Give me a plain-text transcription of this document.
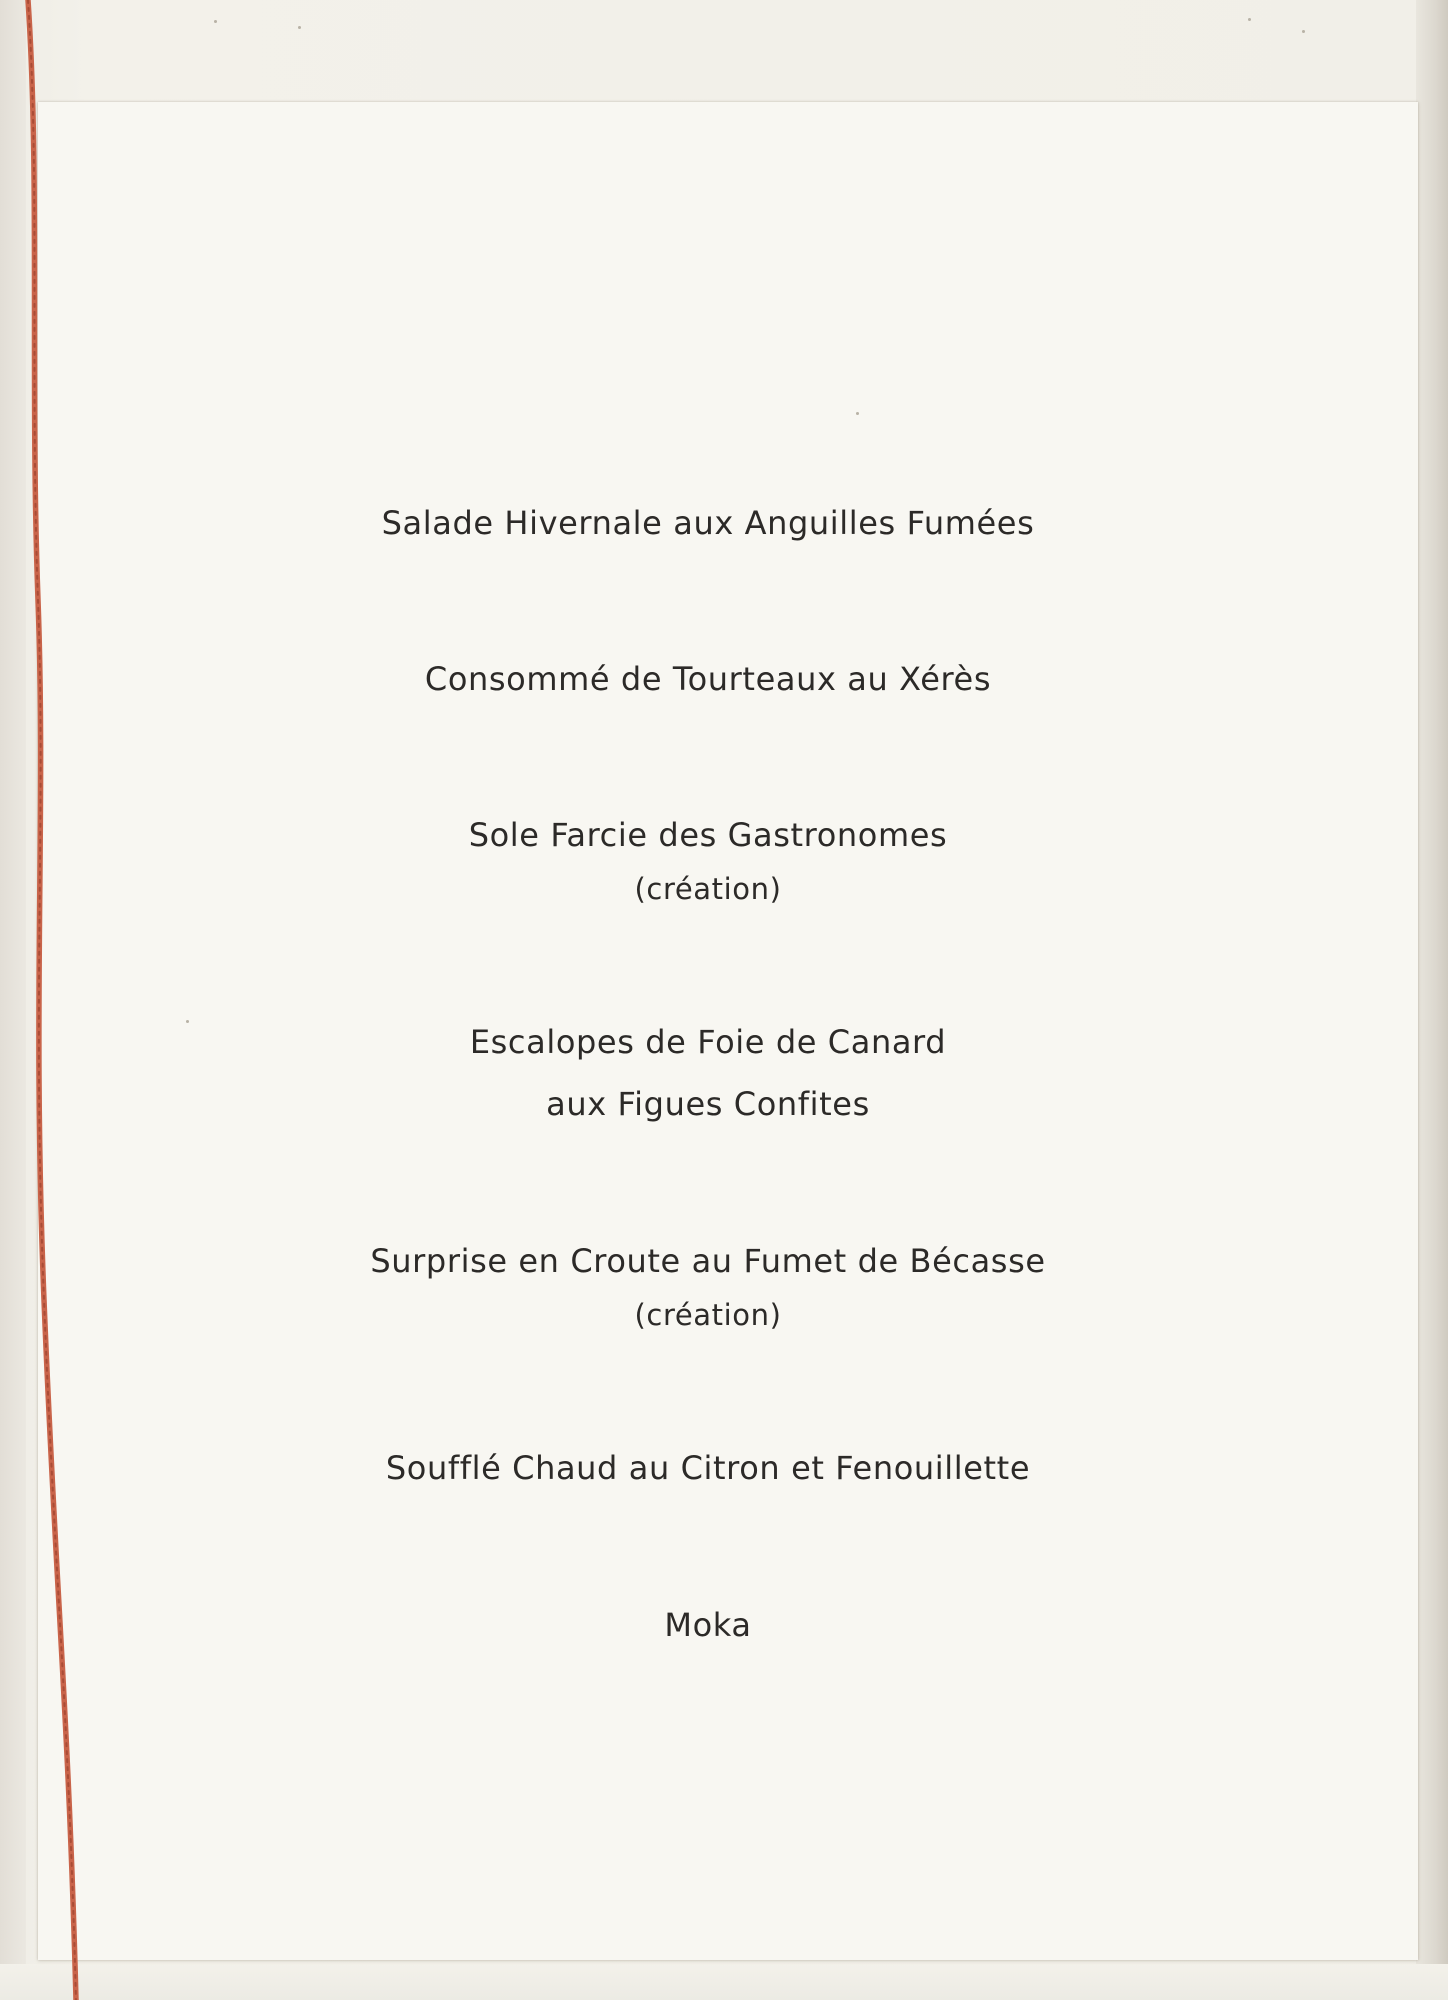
Salade Hivernale aux Anguilles Fumées
Consommé de Tourteaux au Xérès
Sole Farcie des Gastronomes
(création)
Escalopes de Foie de Canard
aux Figues Confites
Surprise en Croute au Fumet de Bécasse
(création)
Soufflé Chaud au Citron et Fenouillette
Moka
